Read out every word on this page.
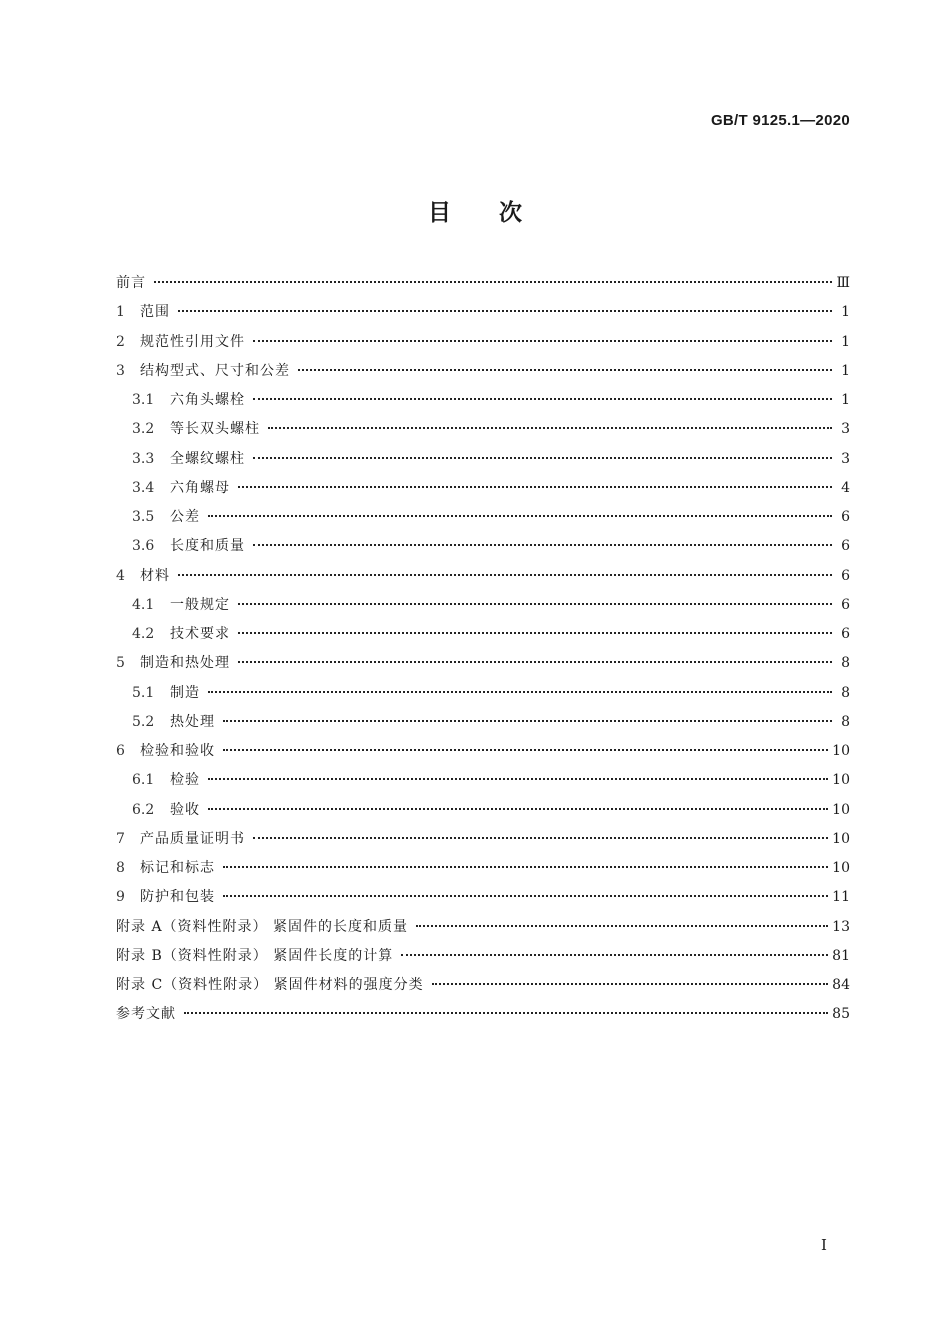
GB/T 9125.1—2020
目 次
前言	Ⅲ
1	范围	1
2	规范性引用文件	1
3	结构型式、尺寸和公差	1
3.1	六角头螺栓	1
3.2	等长双头螺柱	3
3.3	全螺纹螺柱	3
3.4	六角螺母	4
3.5	公差	6
3.6	长度和质量	6
4	材料	6
4.1	一般规定	6
4.2	技术要求	6
5	制造和热处理	8
5.1	制造	8
5.2	热处理	8
6	检验和验收	10
6.1	检验	10
6.2	验收	10
7	产品质量证明书	10
8	标记和标志	10
9	防护和包装	11
附录 A（资料性附录） 紧固件的长度和质量	13
附录 B（资料性附录） 紧固件长度的计算	81
附录 C（资料性附录） 紧固件材料的强度分类	84
参考文献	85
Ⅰ
